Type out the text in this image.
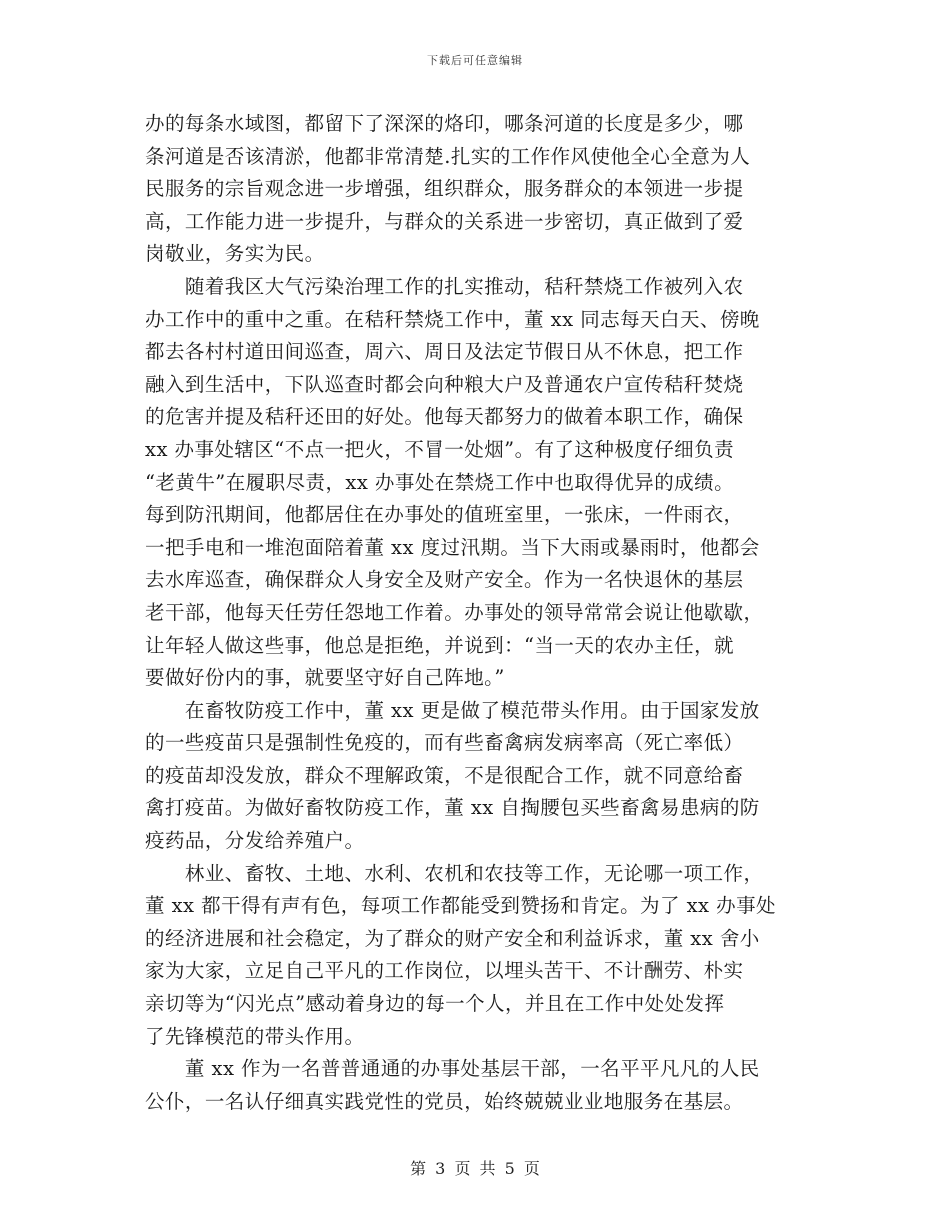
下载后可任意编辑
办的每条水域图，都留下了深深的烙印，哪条河道的长度是多少，哪
条河道是否该清淤，他都非常清楚.扎实的工作作风使他全心全意为人
民服务的宗旨观念进一步增强，组织群众，服务群众的本领进一步提
高，工作能力进一步提升，与群众的关系进一步密切，真正做到了爱
岗敬业，务实为民。
　　随着我区大气污染治理工作的扎实推动，秸秆禁烧工作被列入农
办工作中的重中之重。在秸秆禁烧工作中，董 xx 同志每天白天、傍晚
都去各村村道田间巡查，周六、周日及法定节假日从不休息，把工作
融入到生活中，下队巡查时都会向种粮大户及普通农户宣传秸秆焚烧
的危害并提及秸秆还田的好处。他每天都努力的做着本职工作，确保
xx 办事处辖区“不点一把火，不冒一处烟”。有了这种极度仔细负责
“老黄牛”在履职尽责，xx 办事处在禁烧工作中也取得优异的成绩。
每到防汛期间，他都居住在办事处的值班室里，一张床，一件雨衣，
一把手电和一堆泡面陪着董 xx 度过汛期。当下大雨或暴雨时，他都会
去水库巡查，确保群众人身安全及财产安全。作为一名快退休的基层
老干部，他每天任劳任怨地工作着。办事处的领导常常会说让他歇歇，
让年轻人做这些事，他总是拒绝，并说到：“当一天的农办主任，就
要做好份内的事，就要坚守好自己阵地。”
　　在畜牧防疫工作中，董 xx 更是做了模范带头作用。由于国家发放
的一些疫苗只是强制性免疫的，而有些畜禽病发病率高（死亡率低）
的疫苗却没发放，群众不理解政策，不是很配合工作，就不同意给畜
禽打疫苗。为做好畜牧防疫工作，董 xx 自掏腰包买些畜禽易患病的防
疫药品，分发给养殖户。
　　林业、畜牧、土地、水利、农机和农技等工作，无论哪一项工作，
董 xx 都干得有声有色，每项工作都能受到赞扬和肯定。为了 xx 办事处
的经济进展和社会稳定，为了群众的财产安全和利益诉求，董 xx 舍小
家为大家，立足自己平凡的工作岗位，以埋头苦干、不计酬劳、朴实
亲切等为“闪光点”感动着身边的每一个人，并且在工作中处处发挥
了先锋模范的带头作用。
　　董 xx 作为一名普普通通的办事处基层干部，一名平平凡凡的人民
公仆，一名认仔细真实践党性的党员，始终兢兢业业地服务在基层。
第 3 页 共 5 页
